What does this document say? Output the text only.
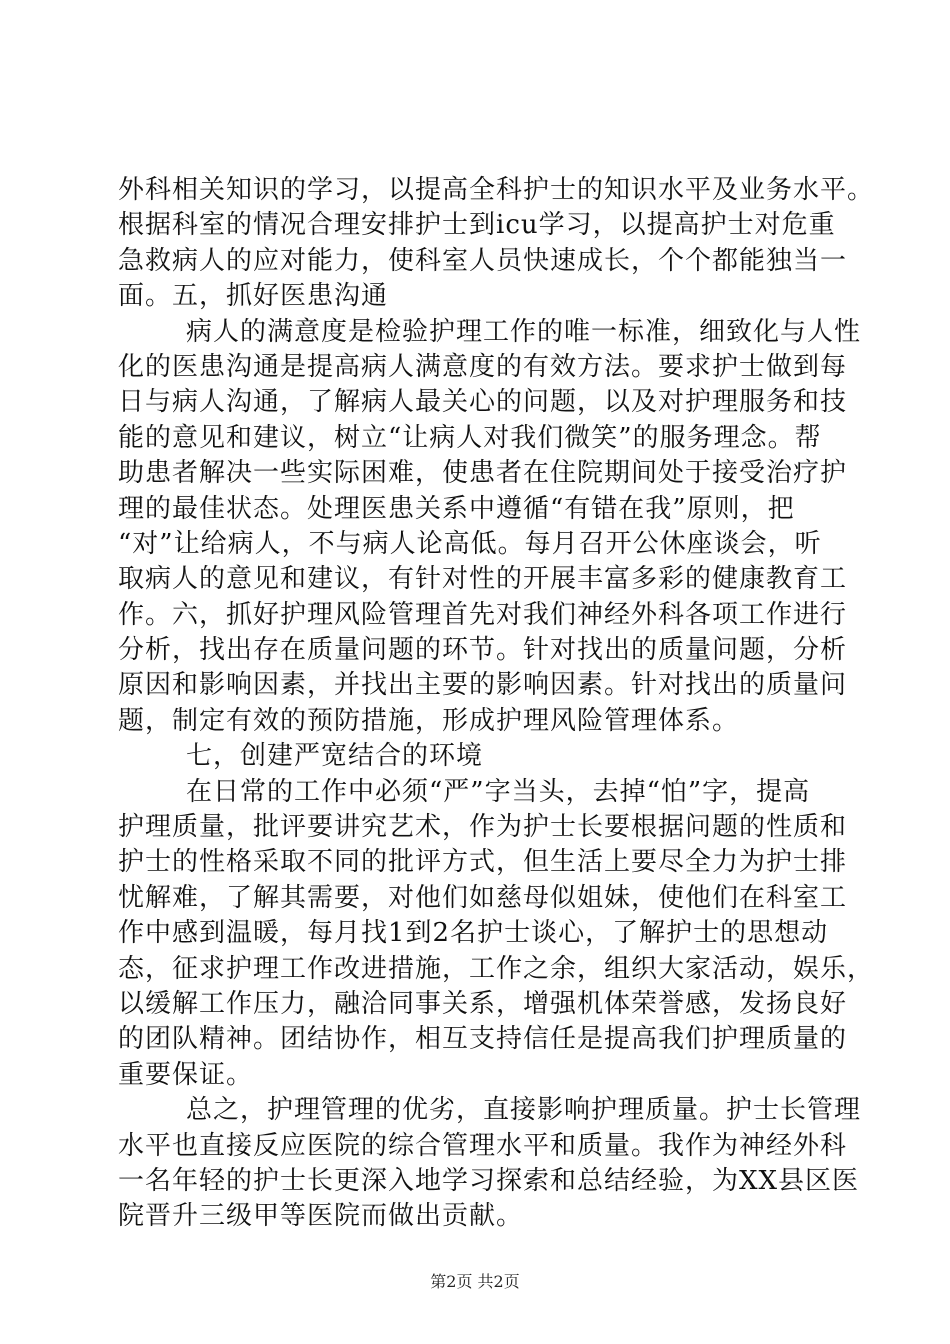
外科相关知识的学习，以提高全科护士的知识水平及业务水平。
根据科室的情况合理安排护士到icu学习，以提高护士对危重
急救病人的应对能力，使科室人员快速成长，个个都能独当一
面。五，抓好医患沟通
病人的满意度是检验护理工作的唯一标准，细致化与人性
化的医患沟通是提高病人满意度的有效方法。要求护士做到每
日与病人沟通，了解病人最关心的问题，以及对护理服务和技
能的意见和建议，树立“让病人对我们微笑”的服务理念。帮
助患者解决一些实际困难，使患者在住院期间处于接受治疗护
理的最佳状态。处理医患关系中遵循“有错在我”原则，把
“对”让给病人，不与病人论高低。每月召开公休座谈会，听
取病人的意见和建议，有针对性的开展丰富多彩的健康教育工
作。六，抓好护理风险管理首先对我们神经外科各项工作进行
分析，找出存在质量问题的环节。针对找出的质量问题，分析
原因和影响因素，并找出主要的影响因素。针对找出的质量问
题，制定有效的预防措施，形成护理风险管理体系。
七，创建严宽结合的环境
在日常的工作中必须“严”字当头，去掉“怕”字，提高
护理质量，批评要讲究艺术，作为护士长要根据问题的性质和
护士的性格采取不同的批评方式，但生活上要尽全力为护士排
忧解难，了解其需要，对他们如慈母似姐妹，使他们在科室工
作中感到温暖，每月找1到2名护士谈心，了解护士的思想动
态，征求护理工作改进措施，工作之余，组织大家活动，娱乐，
以缓解工作压力，融洽同事关系，增强机体荣誉感，发扬良好
的团队精神。团结协作，相互支持信任是提高我们护理质量的
重要保证。
总之，护理管理的优劣，直接影响护理质量。护士长管理
水平也直接反应医院的综合管理水平和质量。我作为神经外科
一名年轻的护士长更深入地学习探索和总结经验，为XX县区医
院晋升三级甲等医院而做出贡献。
第2页 共2页
